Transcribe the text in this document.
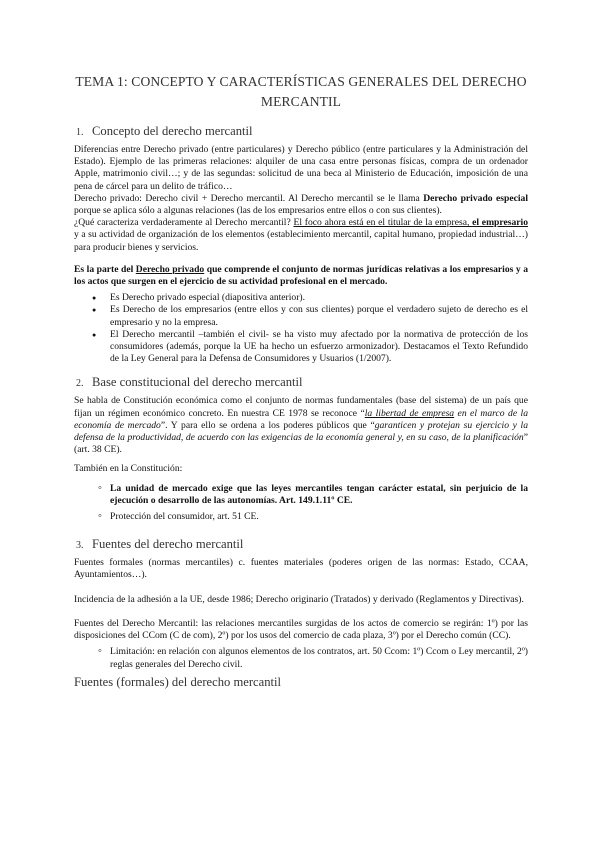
TEMA 1: CONCEPTO Y CARACTERÍSTICAS GENERALES DEL DERECHO MERCANTIL
1. Concepto del derecho mercantil

Diferencias entre Derecho privado (entre particulares) y Derecho público (entre particulares y la Administración del Estado). Ejemplo de las primeras relaciones: alquiler de una casa entre personas físicas, compra de un ordenador Apple, matrimonio civil…; y de las segundas: solicitud de una beca al Ministerio de Educación, imposición de una pena de cárcel para un delito de tráfico…

Derecho privado: Derecho civil + Derecho mercantil. Al Derecho mercantil se le llama Derecho privado especial porque se aplica sólo a algunas relaciones (las de los empresarios entre ellos o con sus clientes).

¿Qué caracteriza verdaderamente al Derecho mercantil? El foco ahora está en el titular de la empresa, el empresario y a su actividad de organización de los elementos (establecimiento mercantil, capital humano, propiedad industrial…) para producir bienes y servicios.

Es la parte del Derecho privado que comprende el conjunto de normas jurídicas relativas a los empresarios y a los actos que surgen en el ejercicio de su actividad profesional en el mercado.

● Es Derecho privado especial (diapositiva anterior).
● Es Derecho de los empresarios (entre ellos y con sus clientes) porque el verdadero sujeto de derecho es el empresario y no la empresa.
● El Derecho mercantil –también el civil- se ha visto muy afectado por la normativa de protección de los consumidores (además, porque la UE ha hecho un esfuerzo armonizador). Destacamos el Texto Refundido de la Ley General para la Defensa de Consumidores y Usuarios (1/2007).
2. Base constitucional del derecho mercantil

Se habla de Constitución económica como el conjunto de normas fundamentales (base del sistema) de un país que fijan un régimen económico concreto. En nuestra CE 1978 se reconoce “la libertad de empresa en el marco de la economía de mercado”. Y para ello se ordena a los poderes públicos que “garanticen y protejan su ejercicio y la defensa de la productividad, de acuerdo con las exigencias de la economía general y, en su caso, de la planificación” (art. 38 CE).

También en la Constitución:

◦ La unidad de mercado exige que las leyes mercantiles tengan carácter estatal, sin perjuicio de la ejecución o desarrollo de las autonomías. Art. 149.1.11º CE.
◦ Protección del consumidor, art. 51 CE.
3. Fuentes del derecho mercantil

Fuentes formales (normas mercantiles) c. fuentes materiales (poderes origen de las normas: Estado, CCAA, Ayuntamientos…).

Incidencia de la adhesión a la UE, desde 1986; Derecho originario (Tratados) y derivado (Reglamentos y Directivas).

Fuentes del Derecho Mercantil: las relaciones mercantiles surgidas de los actos de comercio se regirán: 1º) por las disposiciones del CCom (C de com), 2º) por los usos del comercio de cada plaza, 3º) por el Derecho común (CC).

◦ Limitación: en relación con algunos elementos de los contratos, art. 50 Ccom: 1º) Ccom o Ley mercantil, 2º) reglas generales del Derecho civil.
Fuentes (formales) del derecho mercantil
